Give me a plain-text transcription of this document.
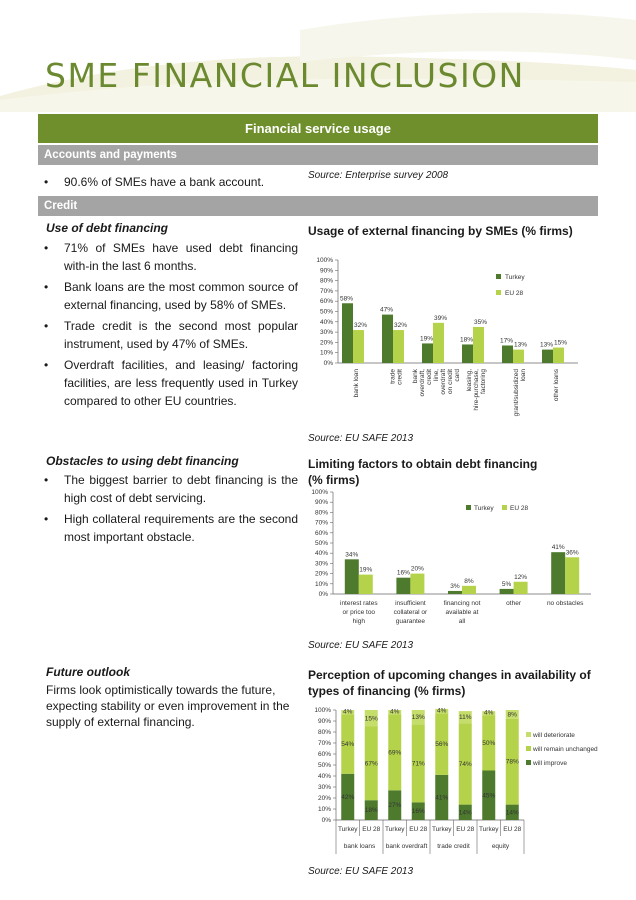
SME FINANCIAL INCLUSION
Financial service usage
Accounts and payments
• 90.6% of SMEs have a bank account.	Source: Enterprise survey 2008
Credit
Use of debt financing
• 71% of SMEs have used debt financing with-in the last 6 months.
• Bank loans are the most common source of external financing, used by 58% of SMEs.
• Trade credit is the second most popular instrument, used by 47% of SMEs.
• Overdraft facilities, and leasing/ factoring facilities, are less frequently used in Turkey compared to other EU countries.
Usage of external financing by SMEs (% firms)
0%
10%
20%
30%
40%
50%
60%
70%
80%
90%
100%
58%
32%
bank loan
47%
32%
trade credit
19%
39%
bank overdraft, credit line, overdraft on credit card
18%
35%
leasing, hire-purchase, factoring
17%
13%
grant/subsidized loan
13% 15%
other loans
Turkey
EU 28
Source: EU SAFE 2013
Obstacles to using debt financing
• The biggest barrier to debt financing is the high cost of debt servicing.
• High collateral requirements are the second most important obstacle.
Limiting factors to obtain debt financing (% firms)
0%
10%
20%
30%
40%
50%
60%
70%
80%
90%
100%
34%
19%
interest rates
or price too
high
16%
20%
insufficient
collateral or
guarantee
3%
8%
financing not
available at
all
5%
12%
other
41%
36%
no obstacles
Turkey	EU 28
Source: EU SAFE 2013
Future outlook
Firms look optimistically towards the future, expecting stability or even improvement in the supply of external financing.
Perception of upcoming changes in availability of types of financing (% firms)
0%
10%
20%
30%
40%
50%
60%
70%
80%
90%
100%
42%
54%
4%
Turkey
18%
67%
15%
EU 28
27%
69%
4%
Turkey
16%
71%
13%
EU 28
41%
56%
4%
Turkey
14%
74%
11%
EU 28
45%
50%
4%
Turkey
14%
78%
8%
EU 28
bank loans bank overdraft trade credit	equity
will deteriorate
will remain unchanged
will improve
Source: EU SAFE 2013
